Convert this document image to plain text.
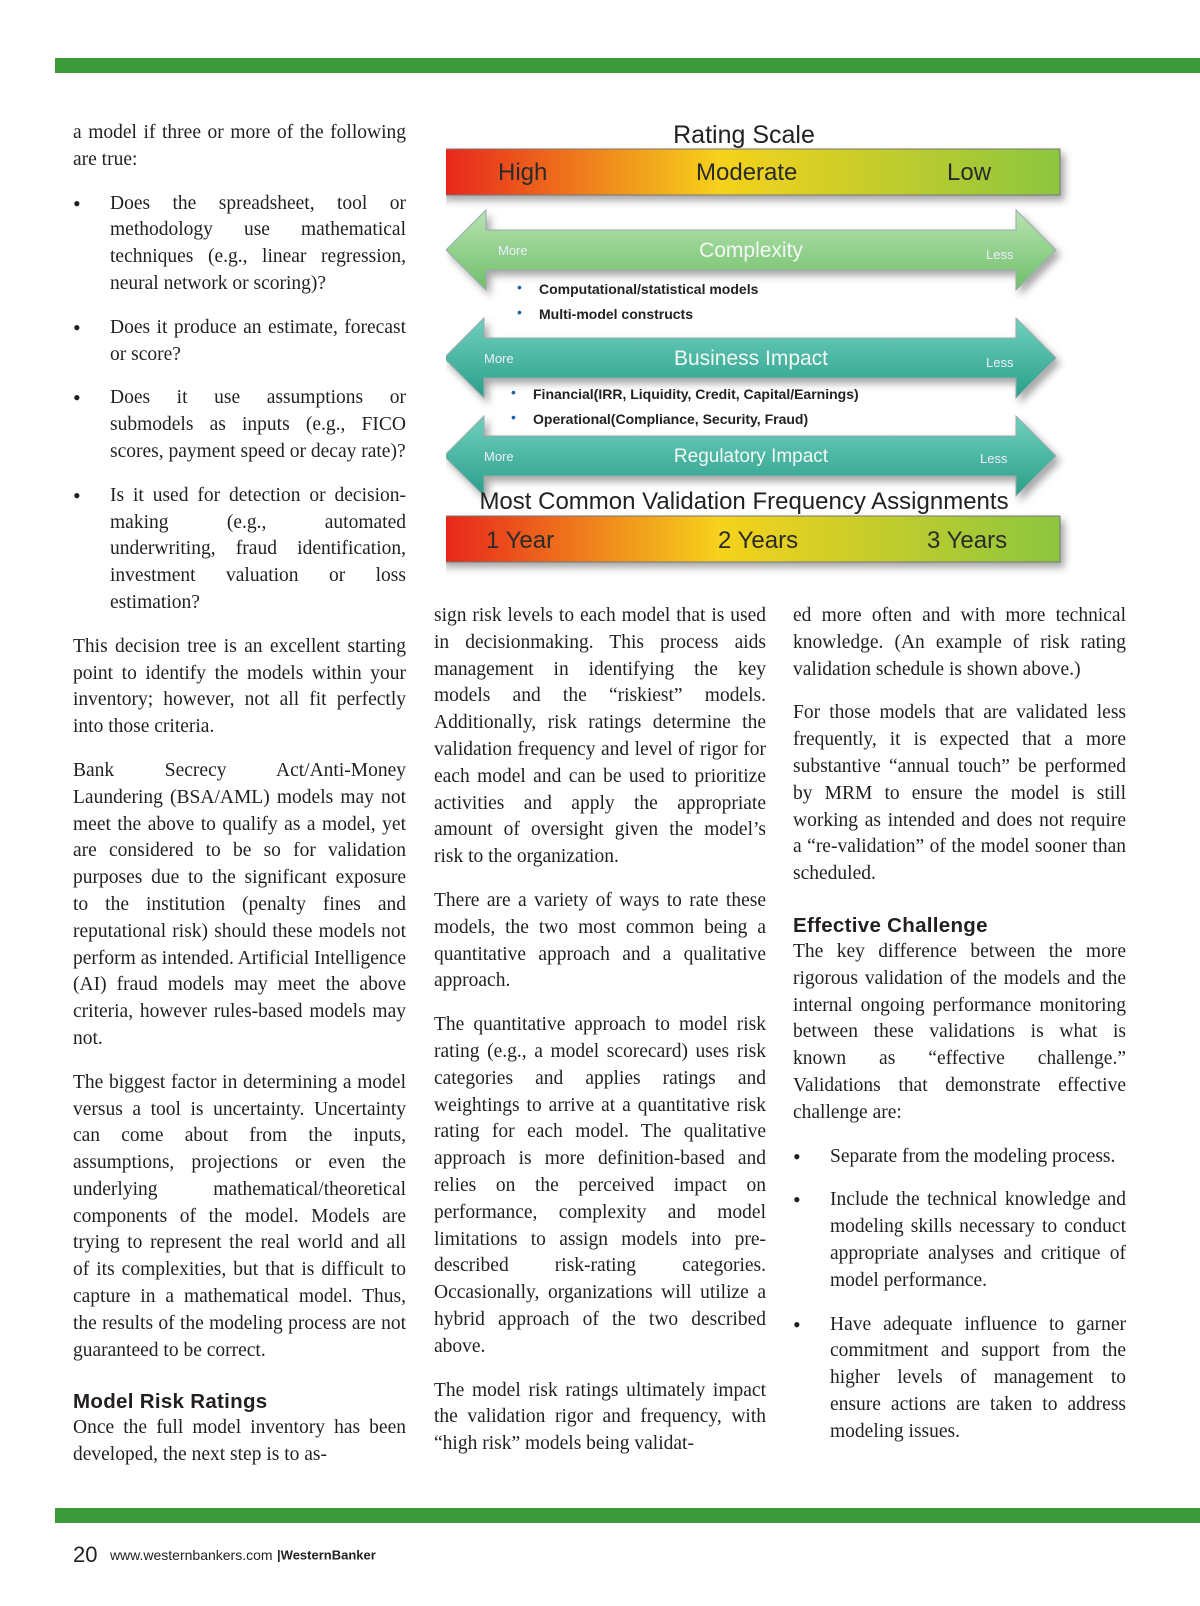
Rating Scale
High	Moderate	Low
More	Complexity	Less
Computational/statistical models
Multi-model constructs
•
•
More	Business Impact	Less
Financial(IRR, Liquidity, Credit, Capital/Earnings)
Operational(Compliance, Security, Fraud)
•
•
More	Regulatory Impact	Less
Most Common Validation Frequency Assignments
1 Year	2 Years	3 Years

a model if three or more of the following are true:

• Does the spreadsheet, tool or methodology use mathematical techniques (e.g., linear regression, neural network or scoring)?
• Does it produce an estimate, forecast or score?
• Does it use assumptions or submodels as inputs (e.g., FICO scores, payment speed or decay rate)?
• Is it used for detection or decision-making (e.g., automated underwriting, fraud identification, investment valuation or loss estimation?

This decision tree is an excellent starting point to identify the models within your inventory; however, not all fit perfectly into those criteria.

Bank Secrecy Act/Anti-Money Laundering (BSA/AML) models may not meet the above to qualify as a model, yet are considered to be so for validation purposes due to the significant exposure to the institution (penalty fines and reputational risk) should these models not perform as intended. Artificial Intelligence (AI) fraud models may meet the above criteria, however rules-based models may not.

The biggest factor in determining a model versus a tool is uncertainty. Uncertainty can come about from the inputs, assumptions, projections or even the underlying mathematical/theoretical components of the model. Models are trying to represent the real world and all of its complexities, but that is difficult to capture in a mathematical model. Thus, the results of the modeling process are not guaranteed to be correct.

Model Risk Ratings

Once the full model inventory has been developed, the next step is to as-

sign risk levels to each model that is used in decisionmaking. This process aids management in identifying the key models and the “riskiest” models. Additionally, risk ratings determine the validation frequency and level of rigor for each model and can be used to prioritize activities and apply the appropriate amount of oversight given the model’s risk to the organization.

There are a variety of ways to rate these models, the two most common being a quantitative approach and a qualitative approach.

The quantitative approach to model risk rating (e.g., a model scorecard) uses risk categories and applies ratings and weightings to arrive at a quantitative risk rating for each model. The qualitative approach is more definition-based and relies on the perceived impact on performance, complexity and model limitations to assign models into pre-described risk-rating categories. Occasionally, organizations will utilize a hybrid approach of the two described above.

The model risk ratings ultimately impact the validation rigor and frequency, with “high risk” models being validat-

ed more often and with more technical knowledge. (An example of risk rating validation schedule is shown above.)

For those models that are validated less frequently, it is expected that a more substantive “annual touch” be performed by MRM to ensure the model is still working as intended and does not require a “re-validation” of the model sooner than scheduled.

Effective Challenge

The key difference between the more rigorous validation of the models and the internal ongoing performance monitoring between these validations is what is known as “effective challenge.” Validations that demonstrate effective challenge are:

• Separate from the modeling process.
• Include the technical knowledge and modeling skills necessary to conduct appropriate analyses and critique of model performance.
• Have adequate influence to garner commitment and support from the higher levels of management to ensure actions are taken to address modeling issues.
20 www.westernbankers.com |WesternBanker
